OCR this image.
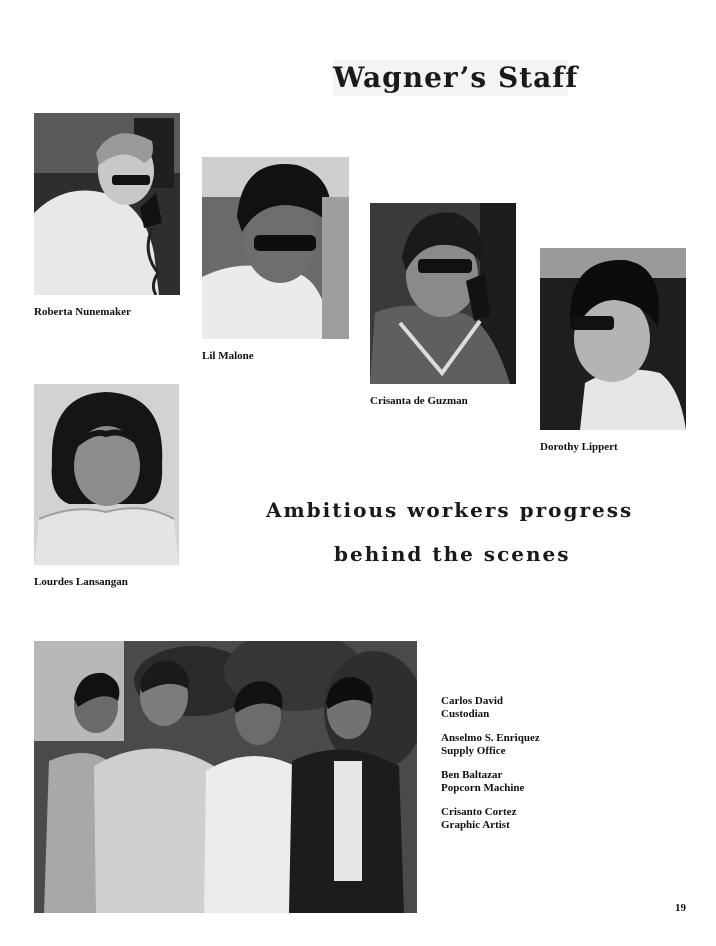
Wagner’s Staff
Roberta Nunemaker
Lil Malone
Crisanta de Guzman
Dorothy Lippert
Lourdes Lansangan
Ambitious workers progress
behind the scenes
Carlos David
Custodian
Anselmo S. Enriquez
Supply Office
Ben Baltazar
Popcorn Machine
Crisanto Cortez
Graphic Artist
19
